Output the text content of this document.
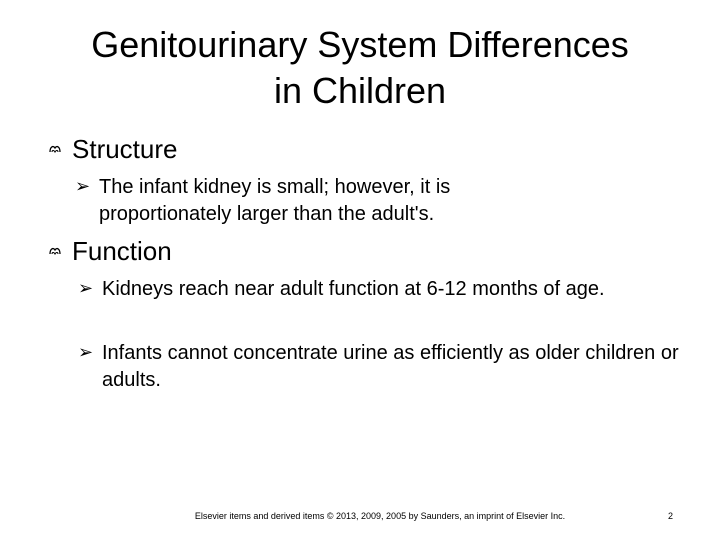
Genitourinary System Differences
in Children
Structure
➢ The infant kidney is small; however, it is proportionately larger than the adult's.
Function
➢ Kidneys reach near adult function at 6-12 months of age.
➢ Infants cannot concentrate urine as efficiently as older children or adults.
Elsevier items and derived items © 2013, 2009, 2005 by Saunders, an imprint of Elsevier Inc.	2
